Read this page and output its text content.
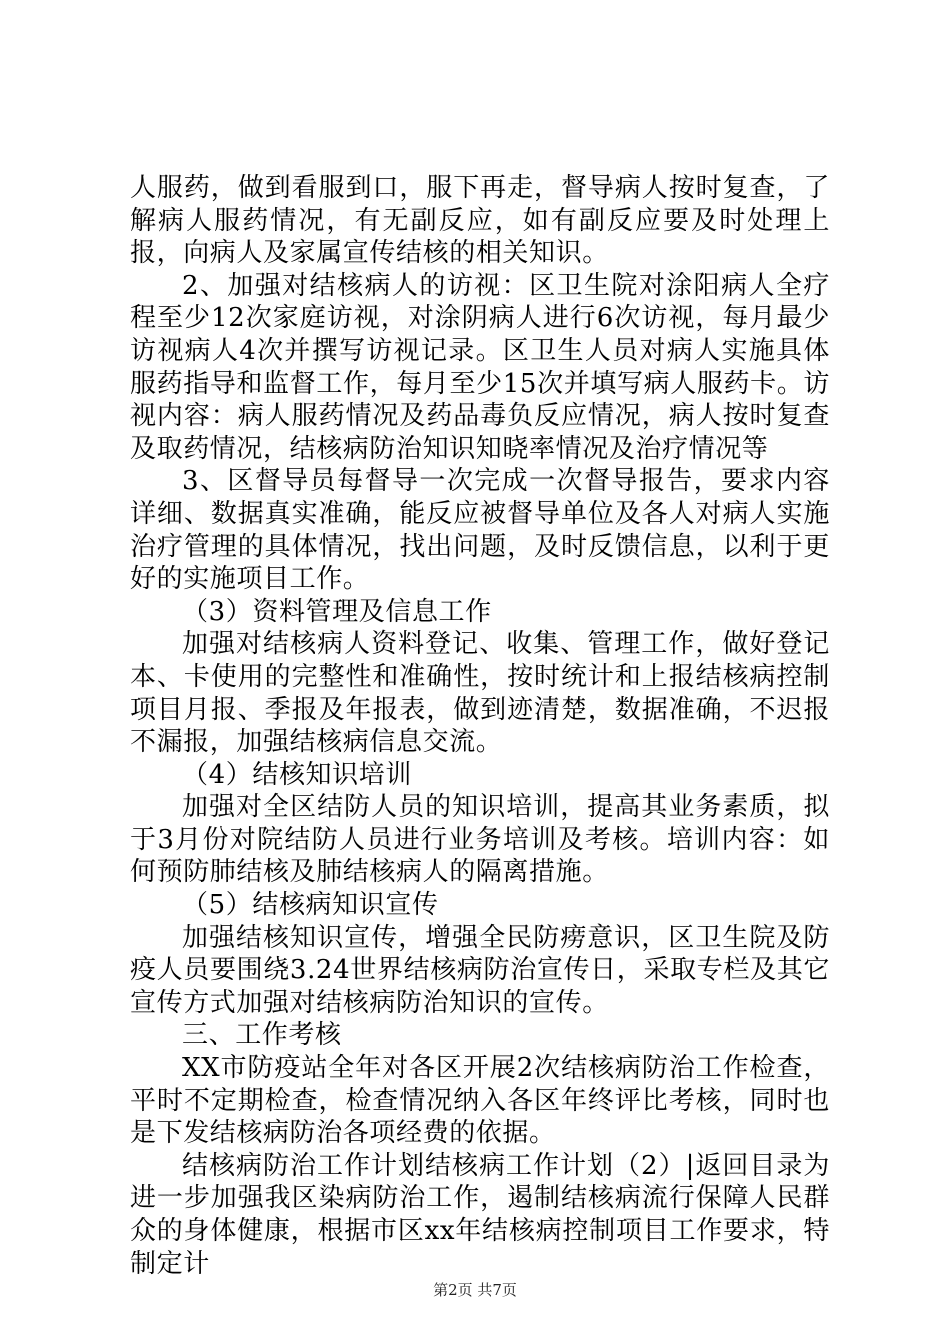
人服药，做到看服到口，服下再走，督导病人按时复查，了解病人服药情况，有无副反应，如有副反应要及时处理上报，向病人及家属宣传结核的相关知识。

2、加强对结核病人的访视：区卫生院对涂阳病人全疗程至少12次家庭访视，对涂阴病人进行6次访视，每月最少访视病人4次并撰写访视记录。区卫生人员对病人实施具体服药指导和监督工作，每月至少15次并填写病人服药卡。访视内容：病人服药情况及药品毒负反应情况，病人按时复查及取药情况，结核病防治知识知晓率情况及治疗情况等

3、区督导员每督导一次完成一次督导报告，要求内容详细、数据真实准确，能反应被督导单位及各人对病人实施治疗管理的具体情况，找出问题，及时反馈信息，以利于更好的实施项目工作。

（3）资料管理及信息工作

加强对结核病人资料登记、收集、管理工作，做好登记本、卡使用的完整性和准确性，按时统计和上报结核病控制项目月报、季报及年报表，做到迹清楚，数据准确，不迟报不漏报，加强结核病信息交流。

（4）结核知识培训

加强对全区结防人员的知识培训，提高其业务素质，拟于3月份对院结防人员进行业务培训及考核。培训内容：如何预防肺结核及肺结核病人的隔离措施。

（5）结核病知识宣传

加强结核知识宣传，增强全民防痨意识，区卫生院及防疫人员要围绕3.24世界结核病防治宣传日，采取专栏及其它宣传方式加强对结核病防治知识的宣传。

三、工作考核

XX市防疫站全年对各区开展2次结核病防治工作检查，平时不定期检查，检查情况纳入各区年终评比考核，同时也是下发结核病防治各项经费的依据。

结核病防治工作计划结核病工作计划（2）|返回目录为进一步加强我区染病防治工作，遏制结核病流行保障人民群众的身体健康，根据市区xx年结核病控制项目工作要求，特制定计

第2页 共7页
